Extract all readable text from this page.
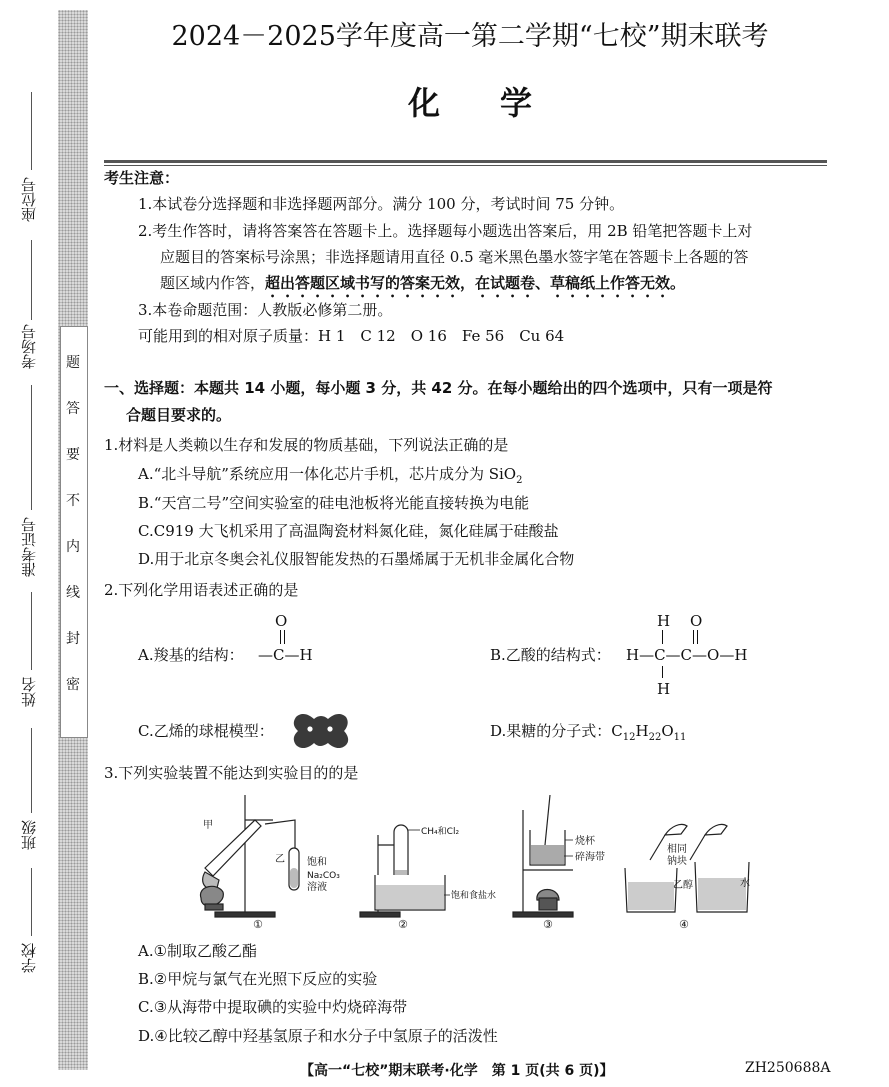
题
答
要
不
内
线
封
密
座位号
考场号
准考证号
姓名
班级
学校
2024－2025学年度高一第二学期“七校”期末联考
化学
考生注意：
1.本试卷分选择题和非选择题两部分。满分 100 分，考试时间 75 分钟。
2.考生作答时，请将答案答在答题卡上。选择题每小题选出答案后，用 2B 铅笔把答题卡上对
应题目的答案标号涂黑；非选择题请用直径 0.5 毫米黑色墨水签字笔在答题卡上各题的答
题区域内作答，超出答题区域书写的答案无效，在试题卷、草稿纸上作答无效。
3.本卷命题范围：人教版必修第二册。
可能用到的相对原子质量：H 1　C 12　O 16　Fe 56　Cu 64
一、选择题：本题共 14 小题，每小题 3 分，共 42 分。在每小题给出的四个选项中，只有一项是符
合题目要求的。
1.材料是人类赖以生存和发展的物质基础，下列说法正确的是
A.“北斗导航”系统应用一体化芯片手机，芯片成分为 SiO$_2$
B.“天宫二号”空间实验室的硅电池板将光能直接转换为电能
C.C919 大飞机采用了高温陶瓷材料氮化硅，氮化硅属于硅酸盐
D.用于北京冬奥会礼仪服智能发热的石墨烯属于无机非金属化合物
2.下列化学用语表述正确的是
A.羧基的结构：
O
—C—H	B.乙酸的结构式：
H O
H—C—C—O—H
H
C.乙烯的球棍模型：	D.果糖的分子式：$C_{12}H_{22}O_{11}$
3.下列实验装置不能达到实验目的的是
甲
乙 饱和
Na₂CO₃
溶液
CH₄和Cl₂
饱和食盐水
烧杯
碎海带
相同
钠块
乙醇	水
①	②	③	④
A.①制取乙酸乙酯
B.②甲烷与氯气在光照下反应的实验
C.③从海带中提取碘的实验中灼烧碎海带
D.④比较乙醇中羟基氢原子和水分子中氢原子的活泼性
【高一“七校”期末联考·化学　第 1 页(共 6 页)】	ZH250688A
